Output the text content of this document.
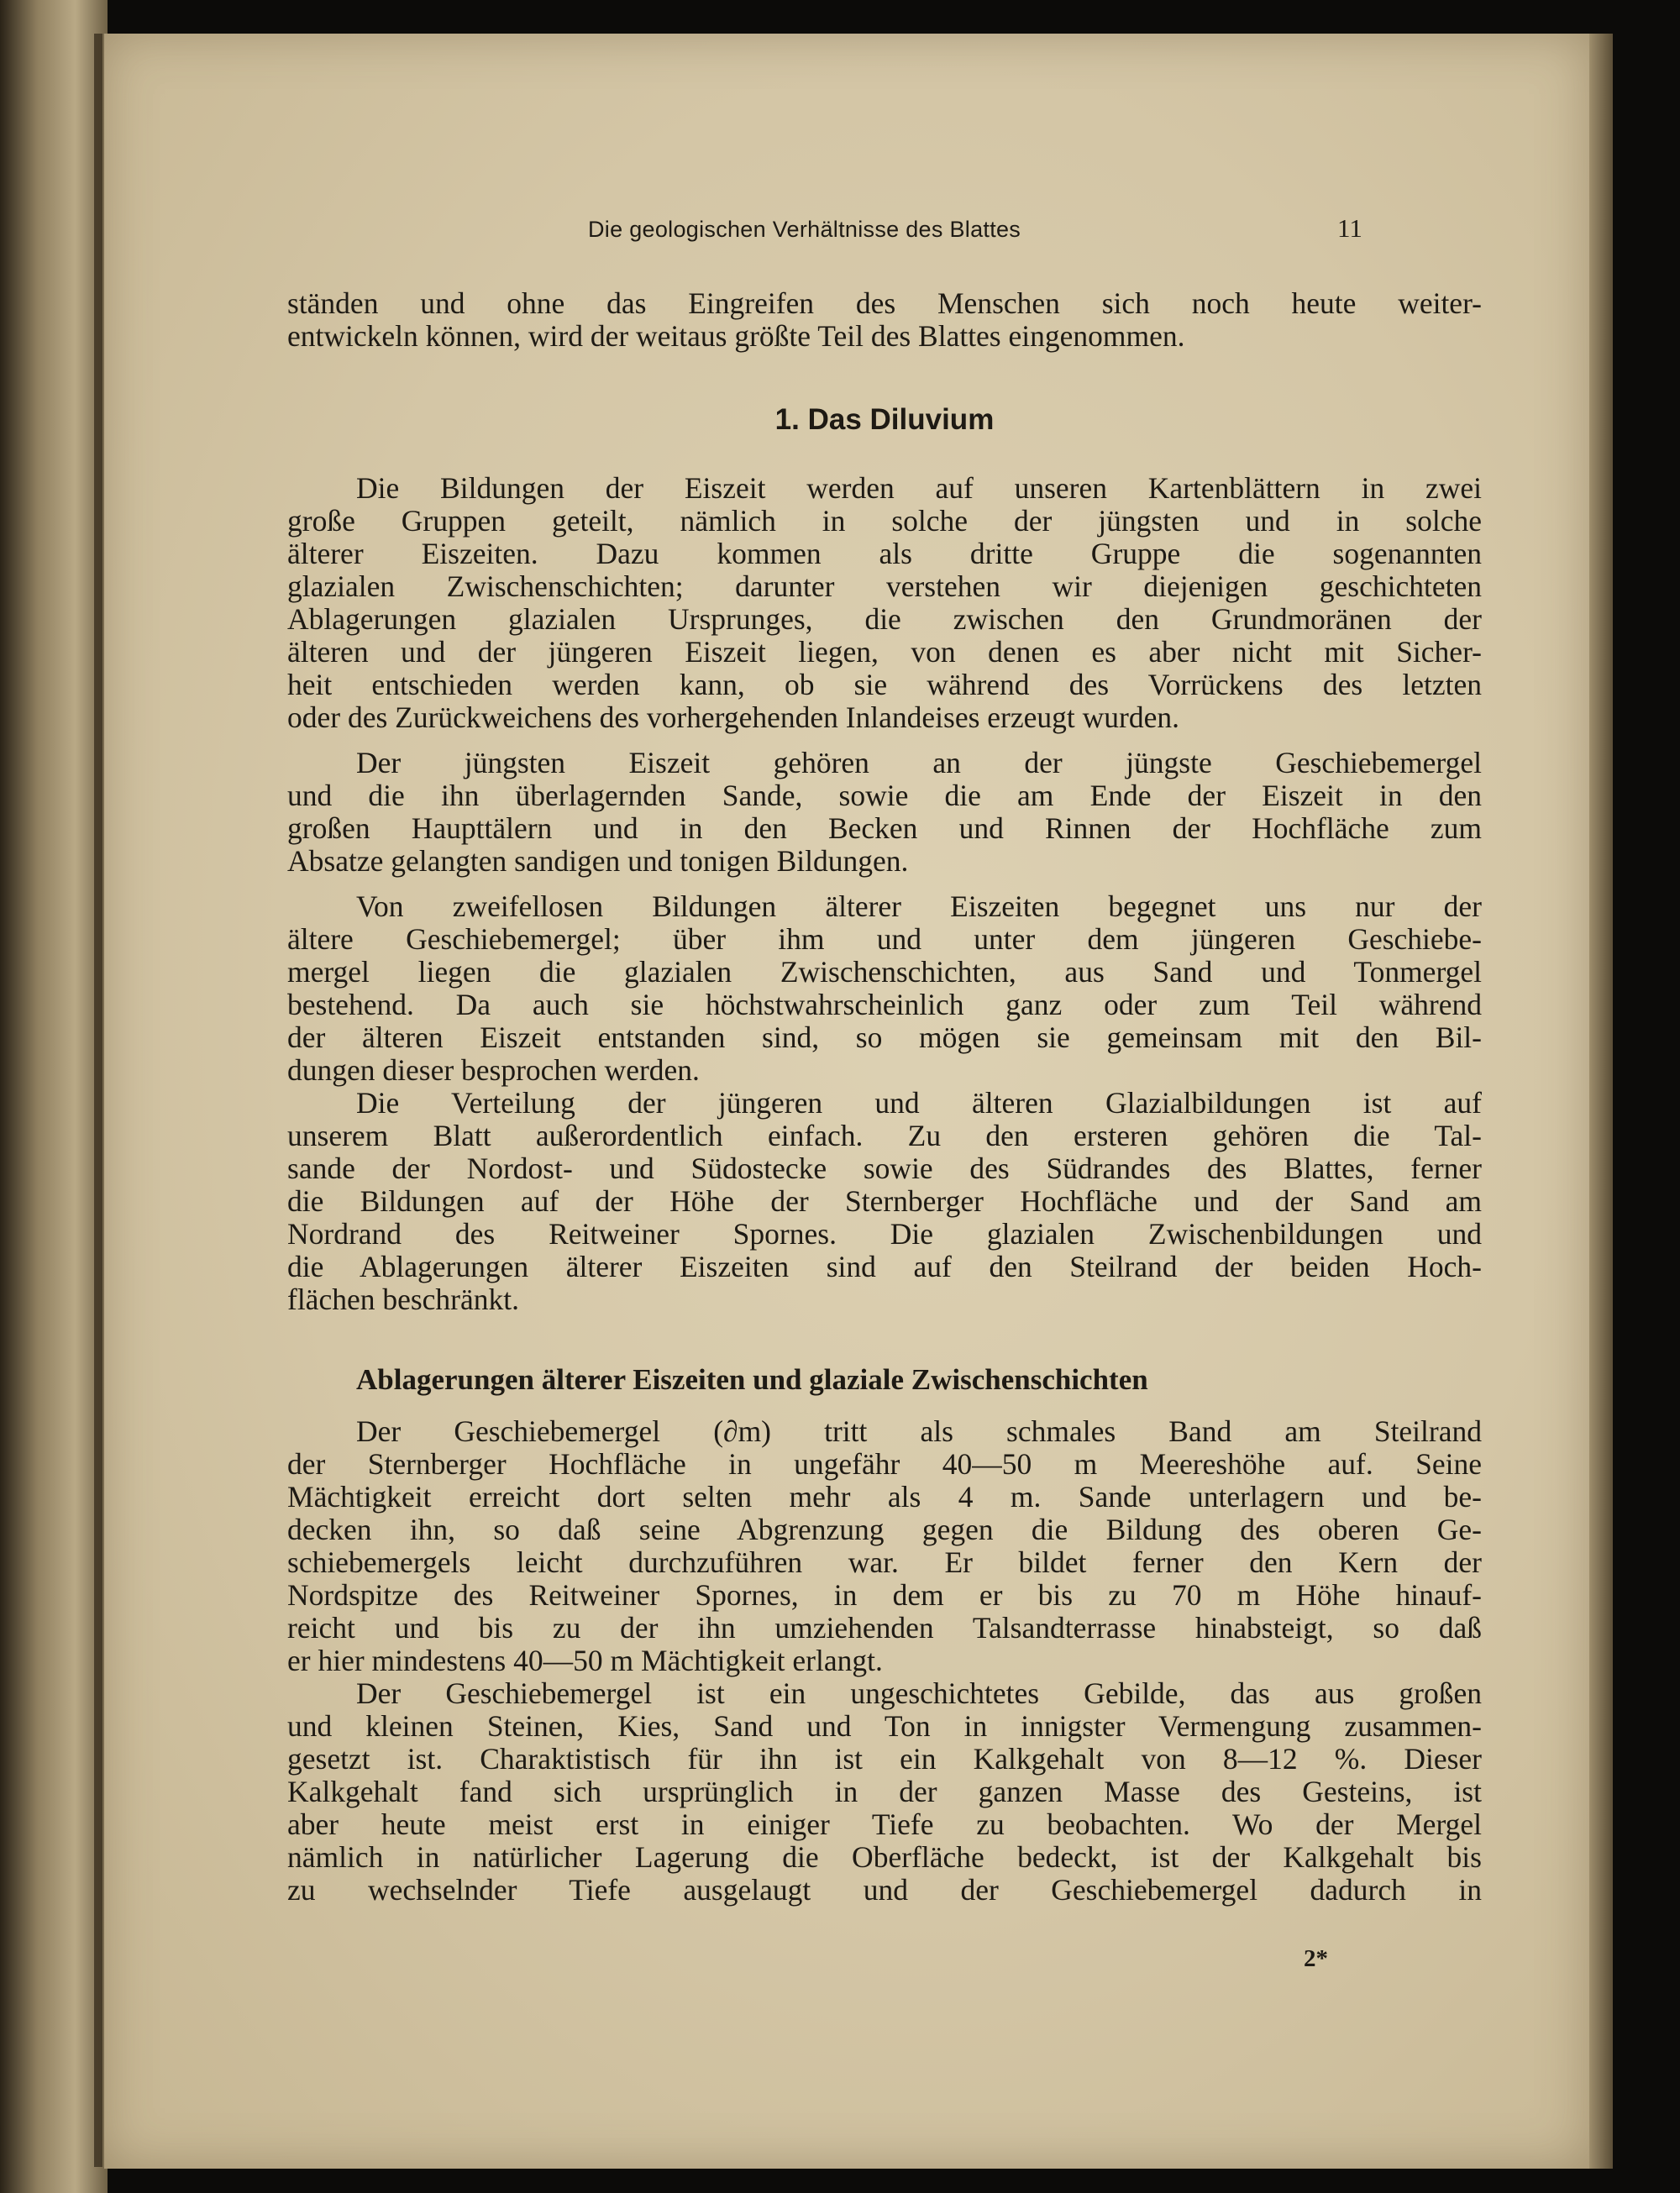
Die geologischen Verhältnisse des Blattes	11
ständen und ohne das Eingreifen des Menschen sich noch heute weiter-
entwickeln können, wird der weitaus größte Teil des Blattes eingenommen.
1. Das Diluvium
Die Bildungen der Eiszeit werden auf unseren Kartenblättern in zwei
große Gruppen geteilt, nämlich in solche der jüngsten und in solche
älterer Eiszeiten. Dazu kommen als dritte Gruppe die sogenannten
glazialen Zwischenschichten; darunter verstehen wir diejenigen geschichteten
Ablagerungen glazialen Ursprunges, die zwischen den Grundmoränen der
älteren und der jüngeren Eiszeit liegen, von denen es aber nicht mit Sicher-
heit entschieden werden kann, ob sie während des Vorrückens des letzten
oder des Zurückweichens des vorhergehenden Inlandeises erzeugt wurden.
Der jüngsten Eiszeit gehören an der jüngste Geschiebemergel
und die ihn überlagernden Sande, sowie die am Ende der Eiszeit in den
großen Haupttälern und in den Becken und Rinnen der Hochfläche zum
Absatze gelangten sandigen und tonigen Bildungen.
Von zweifellosen Bildungen älterer Eiszeiten begegnet uns nur der
ältere Geschiebemergel; über ihm und unter dem jüngeren Geschiebe-
mergel liegen die glazialen Zwischenschichten, aus Sand und Tonmergel
bestehend. Da auch sie höchstwahrscheinlich ganz oder zum Teil während
der älteren Eiszeit entstanden sind, so mögen sie gemeinsam mit den Bil-
dungen dieser besprochen werden.
Die Verteilung der jüngeren und älteren Glazialbildungen ist auf
unserem Blatt außerordentlich einfach. Zu den ersteren gehören die Tal-
sande der Nordost- und Südostecke sowie des Südrandes des Blattes, ferner
die Bildungen auf der Höhe der Sternberger Hochfläche und der Sand am
Nordrand des Reitweiner Spornes. Die glazialen Zwischenbildungen und
die Ablagerungen älterer Eiszeiten sind auf den Steilrand der beiden Hoch-
flächen beschränkt.
Ablagerungen älterer Eiszeiten und glaziale Zwischenschichten
Der Geschiebemergel (∂m) tritt als schmales Band am Steilrand
der Sternberger Hochfläche in ungefähr 40—50 m Meereshöhe auf. Seine
Mächtigkeit erreicht dort selten mehr als 4 m. Sande unterlagern und be-
decken ihn, so daß seine Abgrenzung gegen die Bildung des oberen Ge-
schiebemergels leicht durchzuführen war. Er bildet ferner den Kern der
Nordspitze des Reitweiner Spornes, in dem er bis zu 70 m Höhe hinauf-
reicht und bis zu der ihn umziehenden Talsandterrasse hinabsteigt, so daß
er hier mindestens 40—50 m Mächtigkeit erlangt.
Der Geschiebemergel ist ein ungeschichtetes Gebilde, das aus großen
und kleinen Steinen, Kies, Sand und Ton in innigster Vermengung zusammen-
gesetzt ist. Charaktistisch für ihn ist ein Kalkgehalt von 8—12 %. Dieser
Kalkgehalt fand sich ursprünglich in der ganzen Masse des Gesteins, ist
aber heute meist erst in einiger Tiefe zu beobachten. Wo der Mergel
nämlich in natürlicher Lagerung die Oberfläche bedeckt, ist der Kalkgehalt bis
zu wechselnder Tiefe ausgelaugt und der Geschiebemergel dadurch in
2*
